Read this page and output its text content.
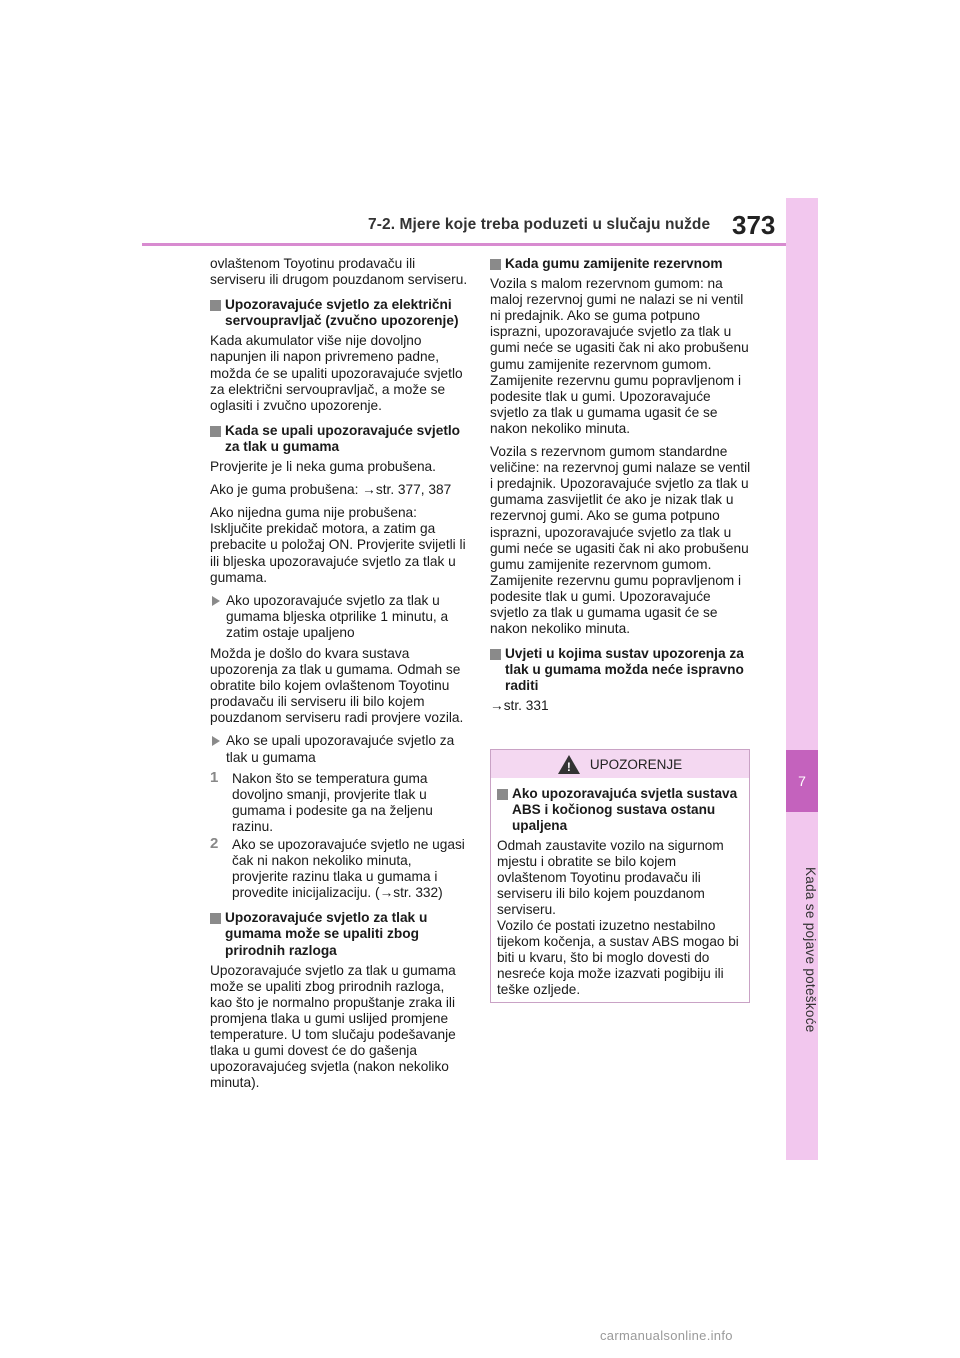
7-2. Mjere koje treba poduzeti u slučaju nužde 373
7
Kada se pojave poteškoće

ovlaštenom Toyotinu prodavaču ili serviseru ili drugom pouzdanom serviseru.

Upozoravajuće svjetlo za električni servoupravljač (zvučno upozorenje)

Kada akumulator više nije dovoljno napunjen ili napon privremeno padne, možda će se upaliti upozoravajuće svjetlo za električni servoupravljač, a može se oglasiti i zvučno upozorenje.

Kada se upali upozoravajuće svjetlo za tlak u gumama

Provjerite je li neka guma probušena.

Ako je guma probušena: →str. 377, 387

Ako nijedna guma nije probušena: Isključite prekidač motora, a zatim ga prebacite u položaj ON. Provjerite svijetli li ili bljeska upozoravajuće svjetlo za tlak u gumama.

Ako upozoravajuće svjetlo za tlak u gumama bljeska otprilike 1 minutu, a zatim ostaje upaljeno

Možda je došlo do kvara sustava upozorenja za tlak u gumama. Odmah se obratite bilo kojem ovlaštenom Toyotinu prodavaču ili serviseru ili bilo kojem pouzdanom serviseru radi provjere vozila.

Ako se upali upozoravajuće svjetlo za tlak u gumama
1 Nakon što se temperatura guma dovoljno smanji, provjerite tlak u gumama i podesite ga na željenu razinu.
2 Ako se upozoravajuće svjetlo ne ugasi čak ni nakon nekoliko minuta, provjerite razinu tlaka u gumama i provedite inicijalizaciju. (→str. 332)
Upozoravajuće svjetlo za tlak u gumama može se upaliti zbog prirodnih razloga

Upozoravajuće svjetlo za tlak u gumama može se upaliti zbog prirodnih razloga, kao što je normalno propuštanje zraka ili promjena tlaka u gumi uslijed promjene temperature. U tom slučaju podešavanje tlaka u gumi dovest će do gašenja upozoravajućeg svjetla (nakon nekoliko minuta).

Kada gumu zamijenite rezervnom

Vozila s malom rezervnom gumom: na maloj rezervnoj gumi ne nalazi se ni ventil ni predajnik. Ako se guma potpuno isprazni, upozoravajuće svjetlo za tlak u gumi neće se ugasiti čak ni ako probušenu gumu zamijenite rezervnom gumom. Zamijenite rezervnu gumu popravljenom i podesite tlak u gumi. Upozoravajuće svjetlo za tlak u gumama ugasit će se nakon nekoliko minuta.

Vozila s rezervnom gumom standardne veličine: na rezervnoj gumi nalaze se ventil i predajnik. Upozoravajuće svjetlo za tlak u gumama zasvijetlit će ako je nizak tlak u rezervnoj gumi. Ako se guma potpuno isprazni, upozoravajuće svjetlo za tlak u gumi neće se ugasiti čak ni ako probušenu gumu zamijenite rezervnom gumom. Zamijenite rezervnu gumu popravljenom i podesite tlak u gumi. Upozoravajuće svjetlo za tlak u gumama ugasit će se nakon nekoliko minuta.

Uvjeti u kojima sustav upozorenja za tlak u gumama možda neće ispravno raditi

→str. 331

! UPOZORENJE
Ako upozoravajuća svjetla sustava ABS i kočionog sustava ostanu upaljena

Odmah zaustavite vozilo na sigurnom mjestu i obratite se bilo kojem ovlaštenom Toyotinu prodavaču ili serviseru ili bilo kojem pouzdanom serviseru.

Vozilo će postati izuzetno nestabilno tijekom kočenja, a sustav ABS mogao bi biti u kvaru, što bi moglo dovesti do nesreće koja može izazvati pogibiju ili teške ozljede.

carmanualsonline.info
